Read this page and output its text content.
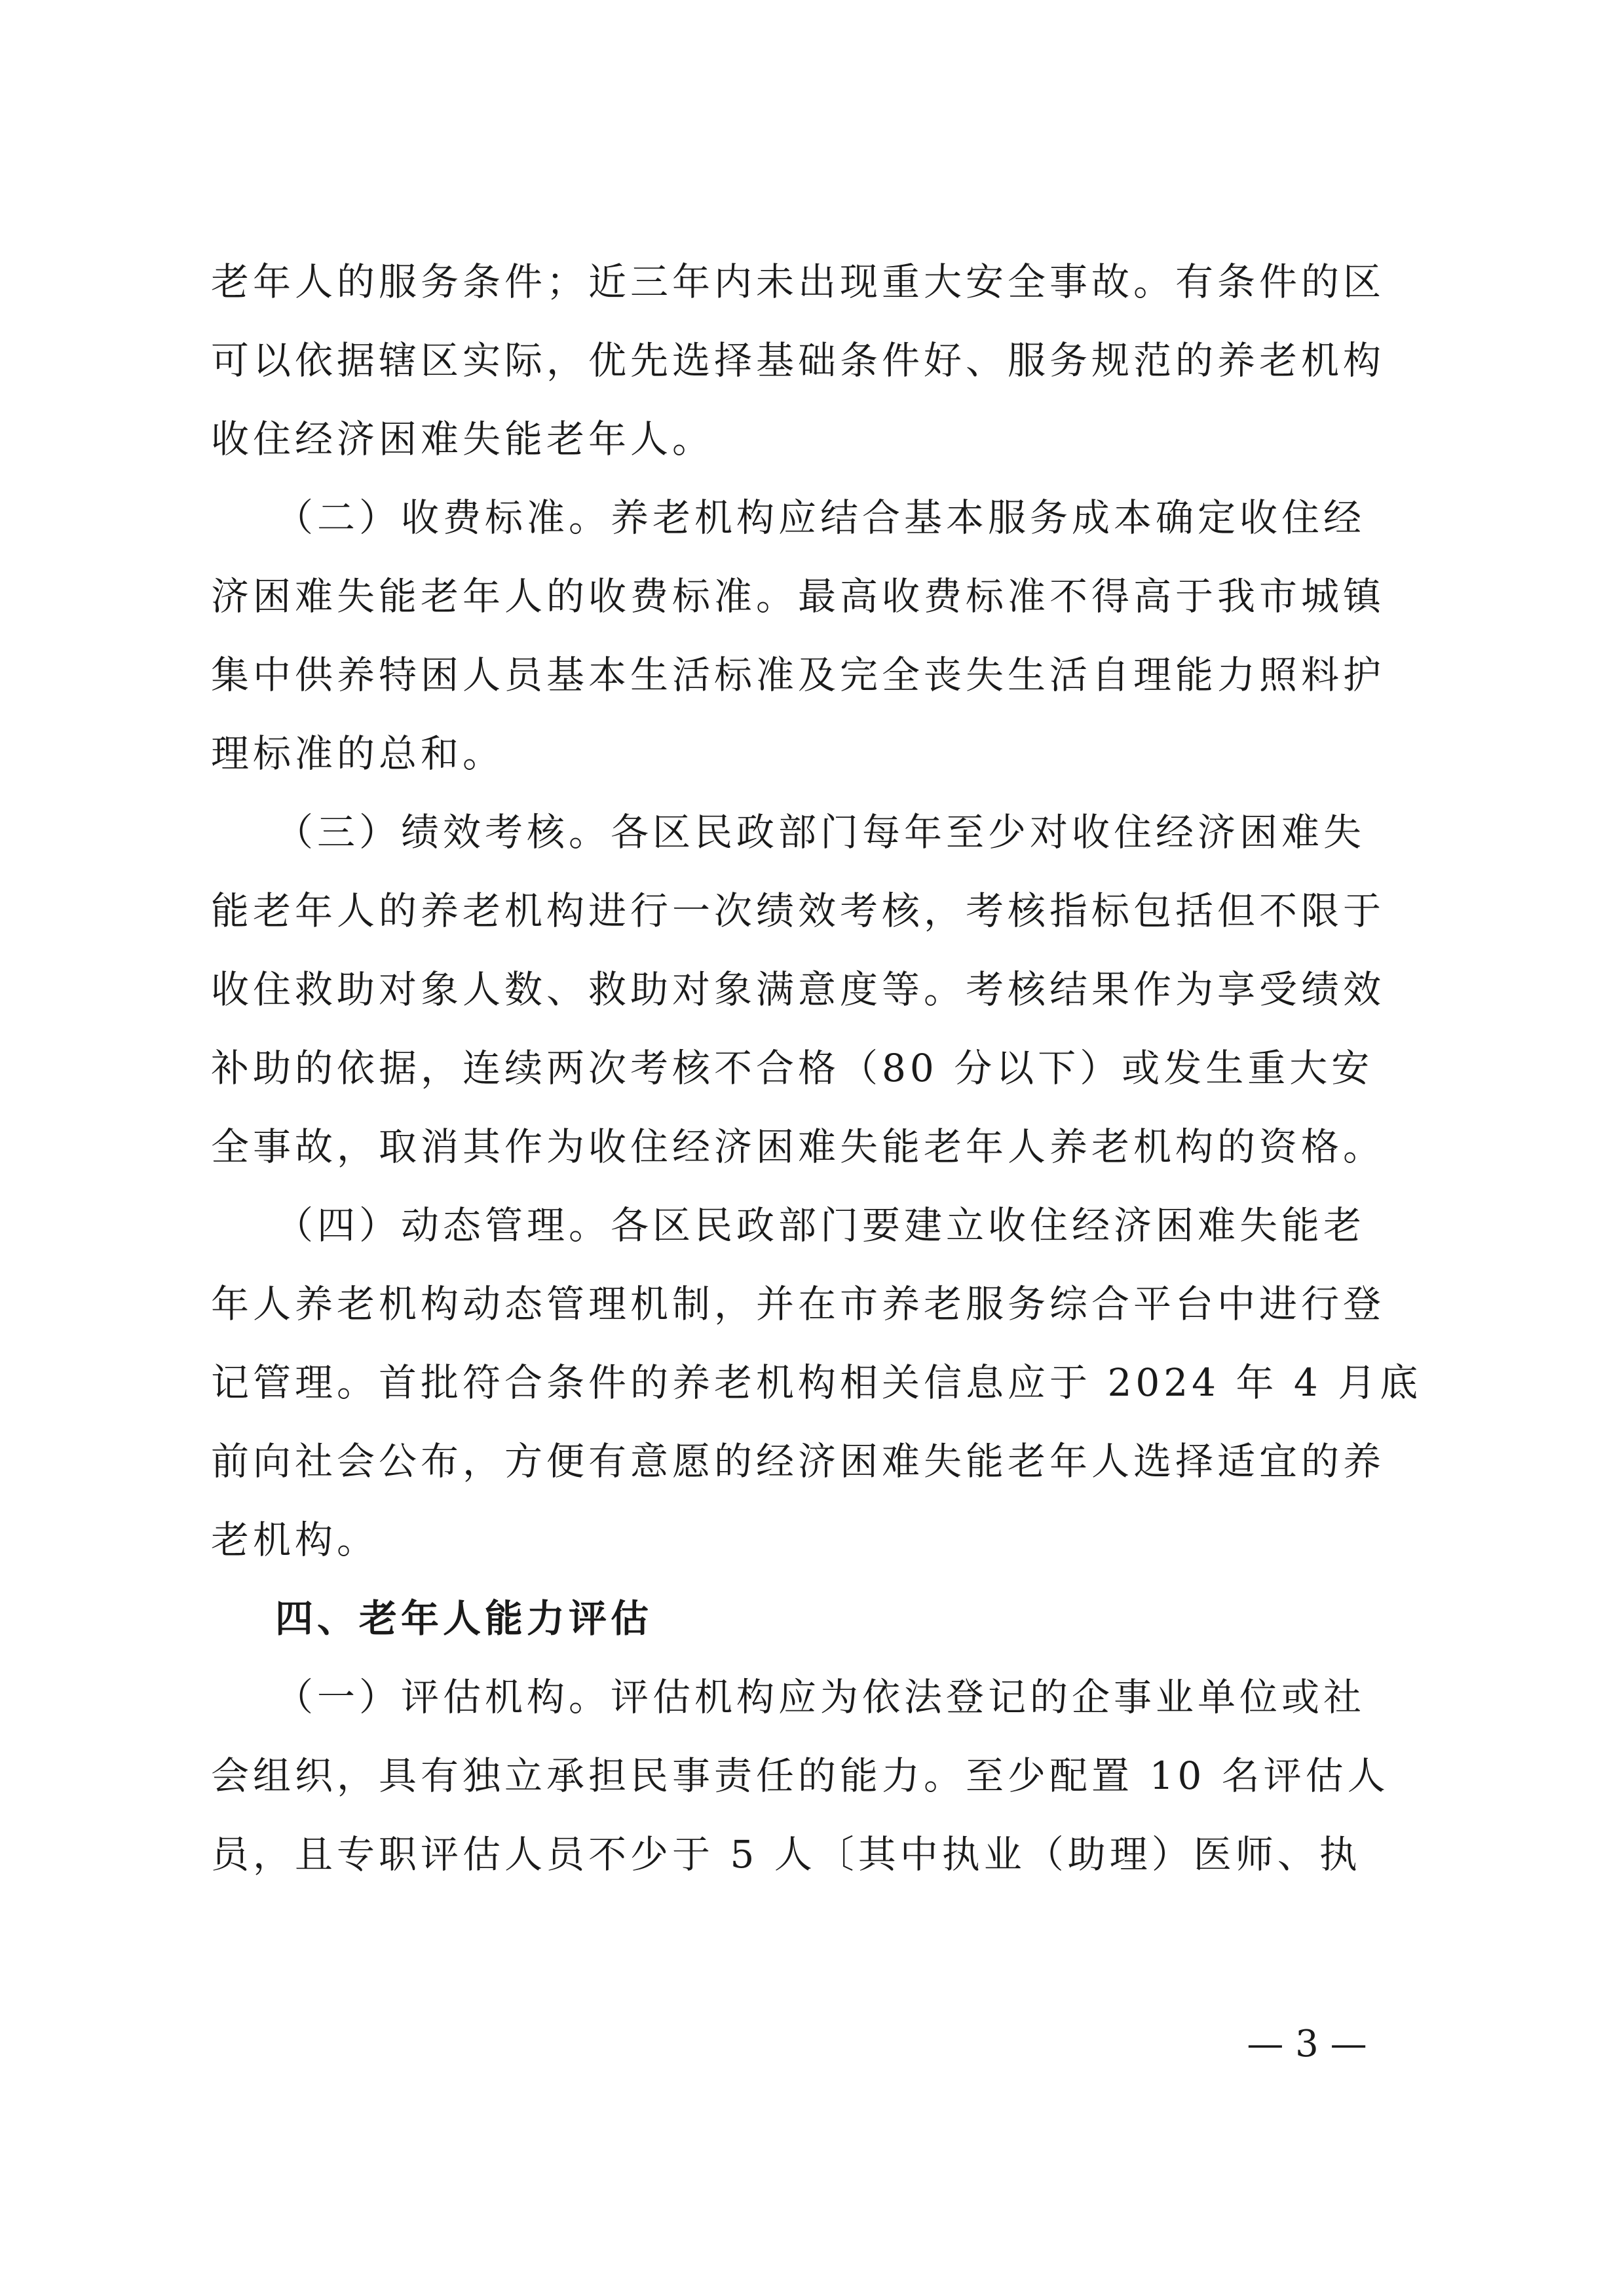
老年人的服务条件；近三年内未出现重大安全事故。有条件的区
可以依据辖区实际，优先选择基础条件好、服务规范的养老机构
收住经济困难失能老年人。
（二）收费标准。养老机构应结合基本服务成本确定收住经
济困难失能老年人的收费标准。最高收费标准不得高于我市城镇
集中供养特困人员基本生活标准及完全丧失生活自理能力照料护
理标准的总和。
（三）绩效考核。各区民政部门每年至少对收住经济困难失
能老年人的养老机构进行一次绩效考核，考核指标包括但不限于
收住救助对象人数、救助对象满意度等。考核结果作为享受绩效
补助的依据，连续两次考核不合格（80 分以下）或发生重大安
全事故，取消其作为收住经济困难失能老年人养老机构的资格。
（四）动态管理。各区民政部门要建立收住经济困难失能老
年人养老机构动态管理机制，并在市养老服务综合平台中进行登
记管理。首批符合条件的养老机构相关信息应于 2024 年 4 月底
前向社会公布，方便有意愿的经济困难失能老年人选择适宜的养
老机构。
四、老年人能力评估
（一）评估机构。评估机构应为依法登记的企事业单位或社
会组织，具有独立承担民事责任的能力。至少配置 10 名评估人
员，且专职评估人员不少于 5 人〔其中执业（助理）医师、执
— 3 —
